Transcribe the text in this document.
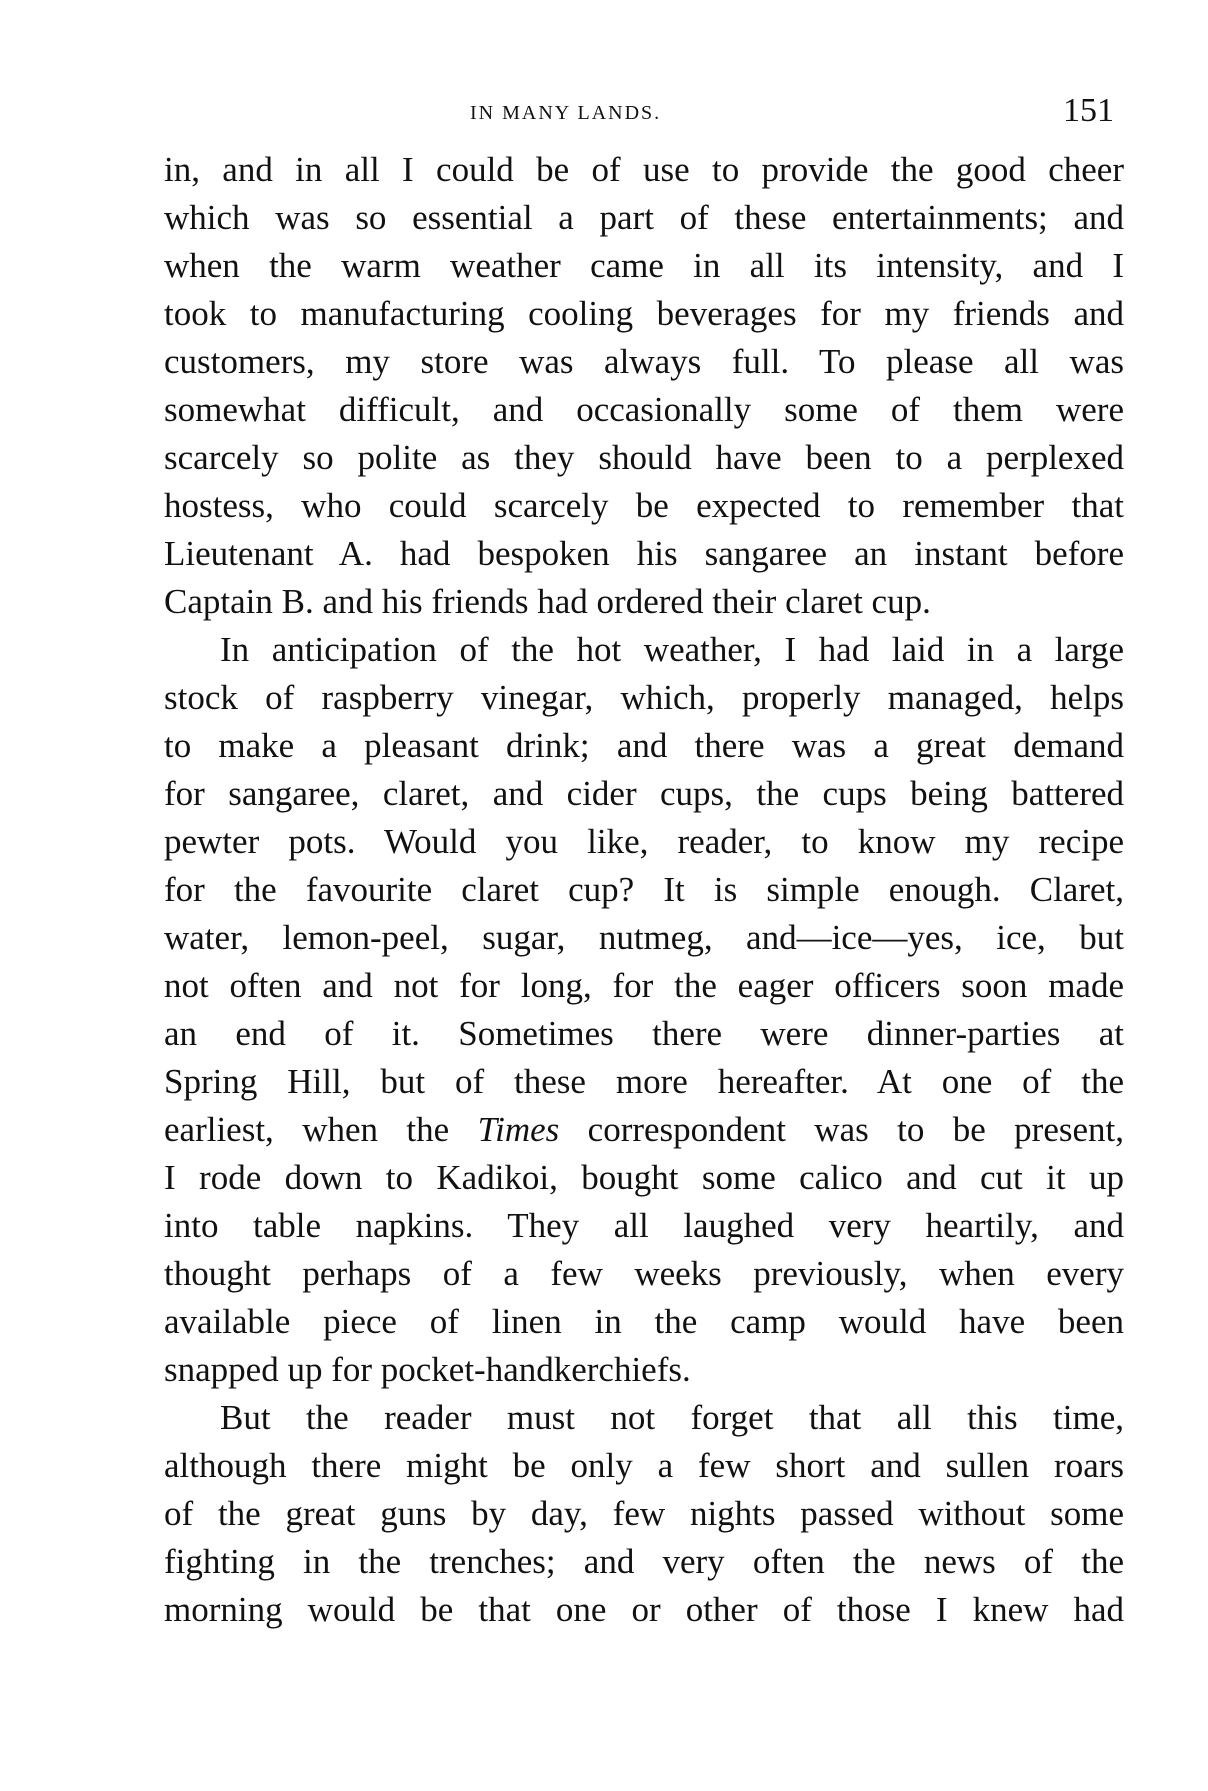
IN MANY LANDS.	151
in, and in all I could be of use to provide the good cheer
which was so essential a part of these entertainments; and
when the warm weather came in all its intensity, and I
took to manufacturing cooling beverages for my friends and
customers, my store was always full. To please all was
somewhat difficult, and occasionally some of them were
scarcely so polite as they should have been to a perplexed
hostess, who could scarcely be expected to remember that
Lieutenant A. had bespoken his sangaree an instant before
Captain B. and his friends had ordered their claret cup.
In anticipation of the hot weather, I had laid in a large
stock of raspberry vinegar, which, properly managed, helps
to make a pleasant drink; and there was a great demand
for sangaree, claret, and cider cups, the cups being battered
pewter pots. Would you like, reader, to know my recipe
for the favourite claret cup? It is simple enough. Claret,
water, lemon-peel, sugar, nutmeg, and—ice—yes, ice, but
not often and not for long, for the eager officers soon made
an end of it. Sometimes there were dinner-parties at
Spring Hill, but of these more hereafter. At one of the
earliest, when the Times correspondent was to be present,
I rode down to Kadikoi, bought some calico and cut it up
into table napkins. They all laughed very heartily, and
thought perhaps of a few weeks previously, when every
available piece of linen in the camp would have been
snapped up for pocket-handkerchiefs.
But the reader must not forget that all this time,
although there might be only a few short and sullen roars
of the great guns by day, few nights passed without some
fighting in the trenches; and very often the news of the
morning would be that one or other of those I knew had
